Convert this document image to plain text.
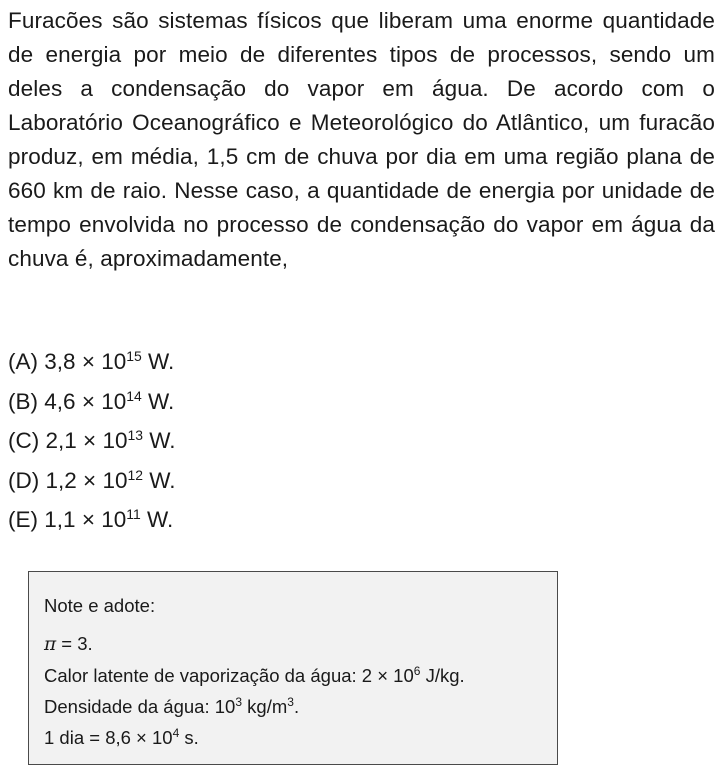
Furacões são sistemas físicos que liberam uma enorme quantidade de energia por meio de diferentes tipos de processos, sendo um deles a condensação do vapor em água. De acordo com o Laboratório Oceanográfico e Meteorológico do Atlântico, um furacão produz, em média, 1,5 cm de chuva por dia em uma região plana de 660 km de raio. Nesse caso, a quantidade de energia por unidade de tempo envolvida no processo de condensação do vapor em água da chuva é, aproximadamente,
(A) $3,8 \times 10^{15}$ W.
(B) $4,6 \times 10^{14}$ W.
(C) $2,1 \times 10^{13}$ W.
(D) $1,2 \times 10^{12}$ W.
(E) $1,1 \times 10^{11}$ W.
Note e adote:
π = 3.
Calor latente de vaporização da água: $2 \times 10^6$ J/kg.
Densidade da água: $10^3$ $kg/m^3$.
1 dia = $8,6 \times 10^4$ s.
